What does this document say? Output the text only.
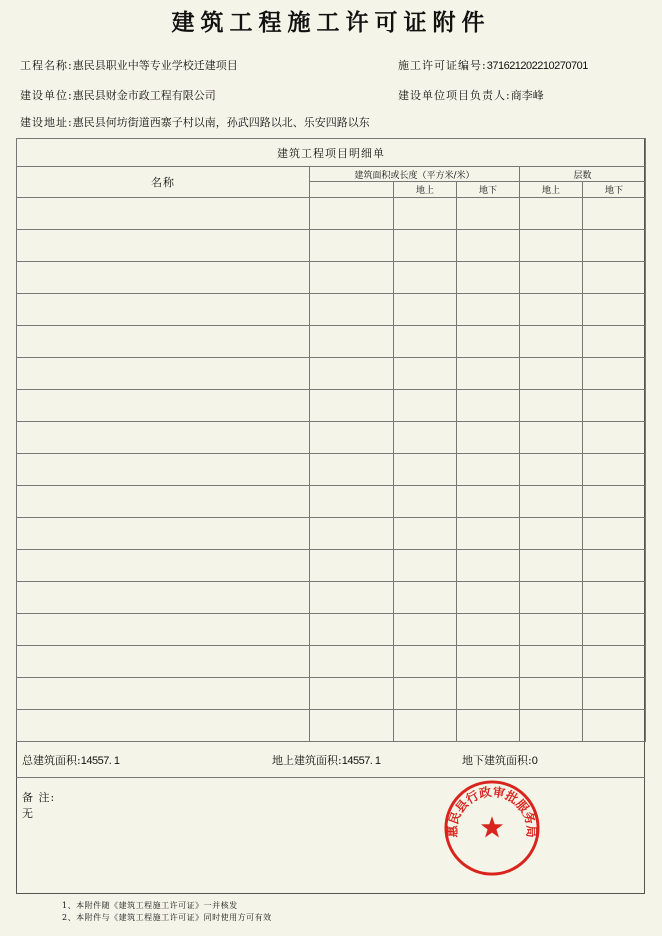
建筑工程施工许可证附件
工程名称:惠民县职业中等专业学校迁建项目	施工许可证编号:371621202210270701
建设单位:惠民县财金市政工程有限公司	建设单位项目负责人:商李峰
建设地址:惠民县何坊街道西寨子村以南，孙武四路以北、乐安四路以东
建筑工程项目明细单					
名称	建筑面积或长度（平方米/米）			层数	
		地上	地下	地上	地下

总建筑面积:14557. 1	地上建筑面积:14557. 1	地下建筑面积:0
备 注:
无
惠民县行政审批服务局
1、本附件随《建筑工程施工许可证》一并核发
2、本附件与《建筑工程施工许可证》同时使用方可有效
